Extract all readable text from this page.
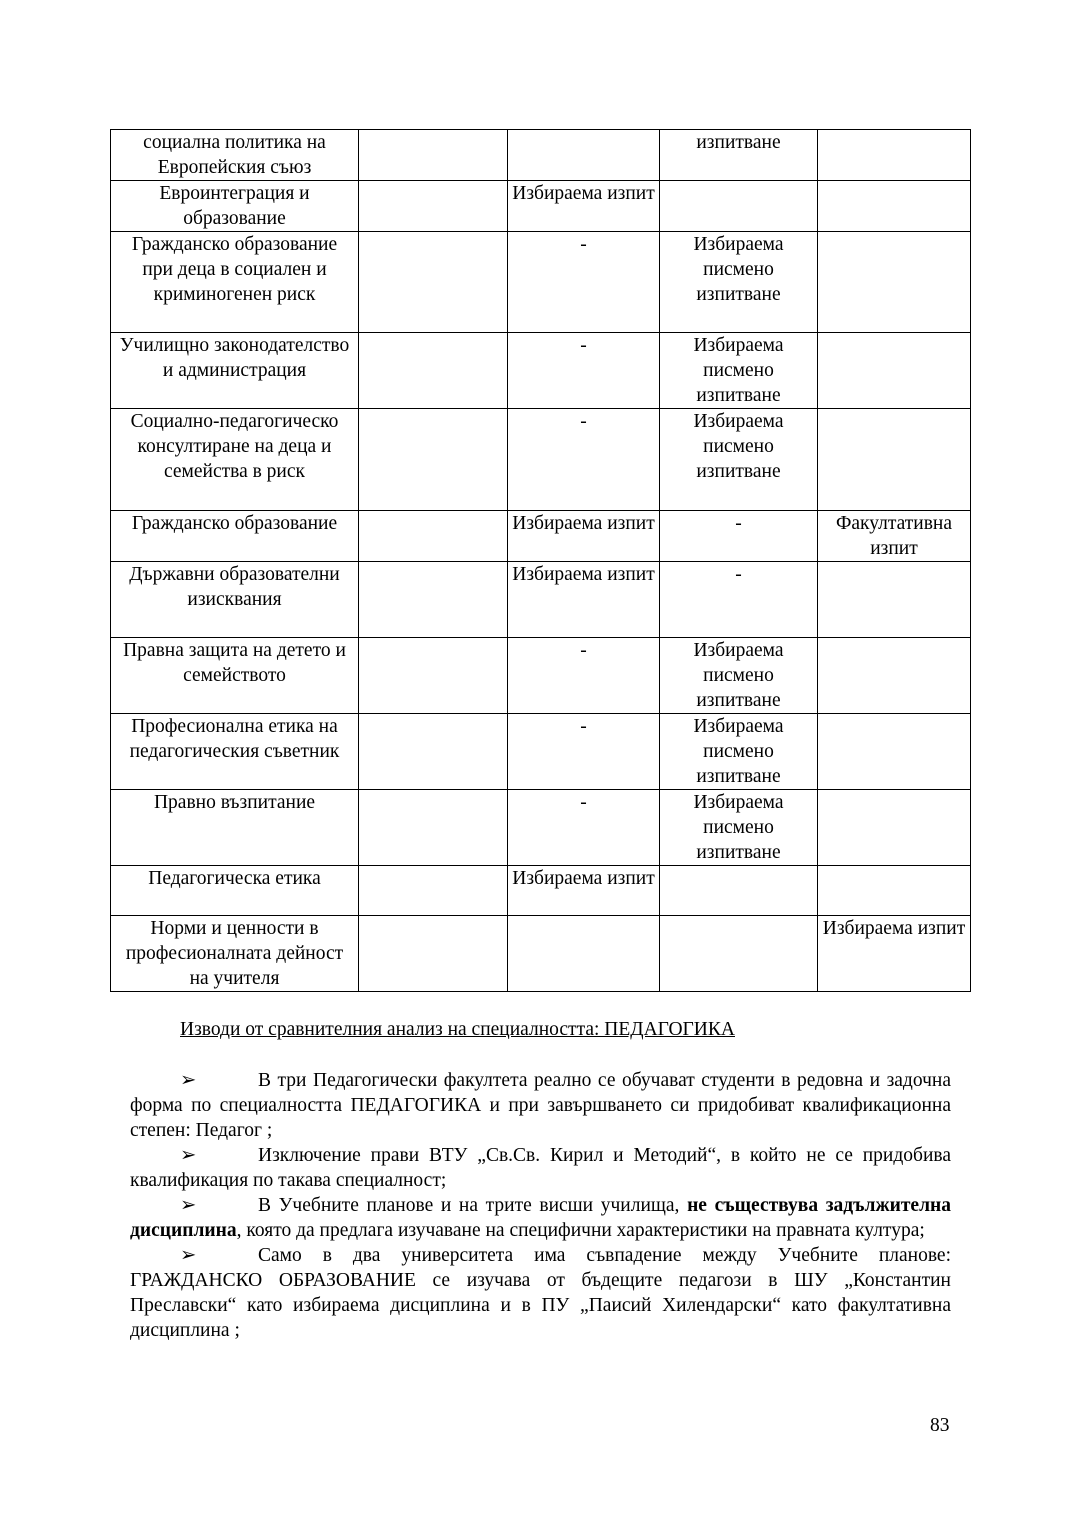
социална политика на Европейския съюз			изпитване	
Евроинтеграция и образование		Избираема изпит		
Гражданско образование при деца в социален и криминогенен риск		-	Избираема писмено изпитване	
Училищно законодателство и администрация		-	Избираема писмено изпитване	
Социално-педагогическо консултиране на деца и семейства в риск		-	Избираема писмено изпитване	
Гражданско образование		Избираема изпит	-	Факултативна изпит
Държавни образователни изисквания		Избираема изпит	-	
Правна защита на детето и семейството		-	Избираема писмено изпитване	
Професионална етика на педагогическия съветник		-	Избираема писмено изпитване	
Правно възпитание		-	Избираема писмено изпитване	
Педагогическа етика		Избираема изпит		
Норми и ценности в професионалната дейност на учителя				Избираема изпит
Изводи от сравнителния анализ на специалността: ПЕДАГОГИКА

➢	В три Педагогически факултета реално се обучават студенти в редовна и задочна форма по специалността ПЕДАГОГИКА и при завършването си придобиват квалификационна степен: Педагог ;

➢	Изключение прави ВТУ „Св.Св. Кирил и Методий“, в който не се придобива квалификация по такава специалност;

➢	В Учебните планове и на трите висши училища, не съществува задължителна дисциплина, която да предлага изучаване на специфични характеристики на правната култура;

➢	Само в два университета има съвпадение между Учебните планове: ГРАЖДАНСКО ОБРАЗОВАНИЕ се изучава от бъдещите педагози в ШУ „Константин Преславски“ като избираема дисциплина и в ПУ „Паисий Хилендарски“ като факултативна дисциплина ;

83
